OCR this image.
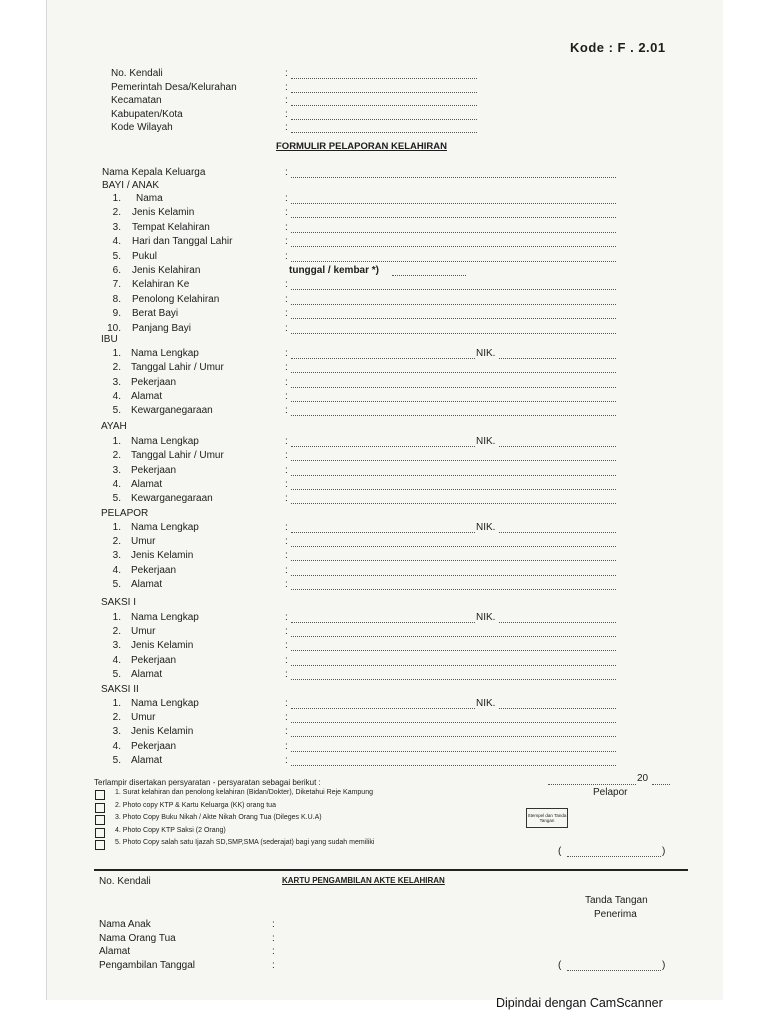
Kode : F . 2.01
No. Kendali	:
Pemerintah Desa/Kelurahan	:
Kecamatan	:
Kabupaten/Kota	:
Kode Wilayah	:
FORMULIR PELAPORAN KELAHIRAN
Nama Kepala Keluarga	:
BAYI / ANAK
1. Nama	:
2. Jenis Kelamin	:
3. Tempat Kelahiran	:
4. Hari dan Tanggal Lahir	:
5. Pukul	:
6. Jenis Kelahiran	tunggal / kembar *)
7. Kelahiran Ke	:
8. Penolong Kelahiran	:
9. Berat Bayi	:
10. Panjang Bayi	:
IBU
1. Nama Lengkap	:	NIK.
2. Tanggal Lahir / Umur	:
3. Pekerjaan	:
4. Alamat	:
5. Kewarganegaraan	:
AYAH
1. Nama Lengkap	:	NIK.
2. Tanggal Lahir / Umur	:
3. Pekerjaan	:
4. Alamat	:
5. Kewarganegaraan	:
PELAPOR
1. Nama Lengkap	:	NIK.
2. Umur	:
3. Jenis Kelamin	:
4. Pekerjaan	:
5. Alamat	:
SAKSI I
1. Nama Lengkap	:	NIK.
2. Umur	:
3. Jenis Kelamin	:
4. Pekerjaan	:
5. Alamat	:
SAKSI II
1. Nama Lengkap	:	NIK.
2. Umur	:
3. Jenis Kelamin	:
4. Pekerjaan	:
5. Alamat	:
Terlampir disertakan persyaratan - persyaratan sebagai berikut :
1. Surat kelahiran dan penolong kelahiran (Bidan/Dokter), Diketahui Reje Kampung
2. Photo copy KTP & Kartu Keluarga (KK) orang tua
3. Photo Copy Buku Nikah / Akte Nikah Orang Tua (Dileges K.U.A)
4. Photo Copy KTP Saksi (2 Orang)
5. Photo Copy salah satu Ijazah SD,SMP,SMA (sederajat) bagi yang sudah memiliki
20
Pelapor
Stempel dan Tanda Tangan
(	)
No. Kendali	KARTU PENGAMBILAN AKTE KELAHIRAN
Tanda Tangan
Penerima
Nama Anak	:
Nama Orang Tua	:
Alamat	:
Pengambilan Tanggal	:	(	)
Dipindai dengan CamScanner
